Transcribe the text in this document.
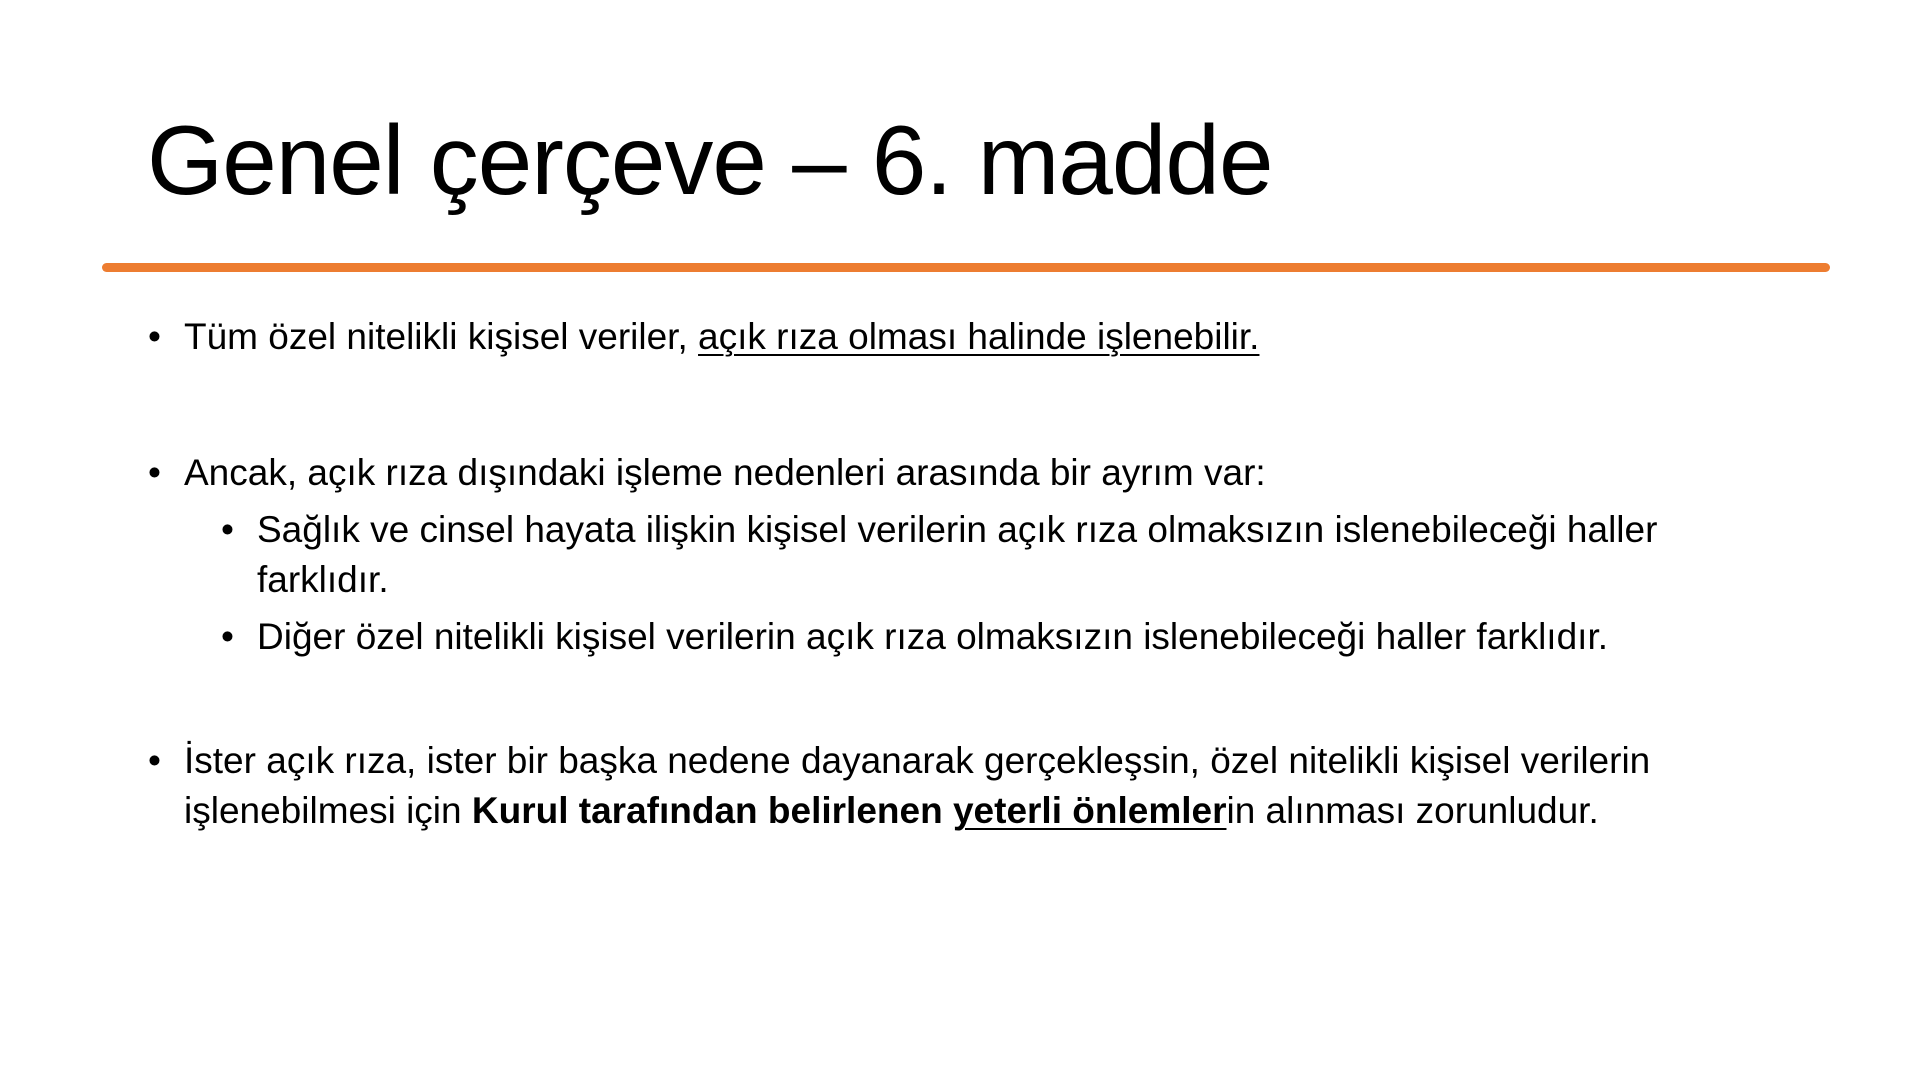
Genel çerçeve – 6. madde
• Tüm özel nitelikli kişisel veriler, açık rıza olması halinde işlenebilir.
• Ancak, açık rıza dışındaki işleme nedenleri arasında bir ayrım var:
• Sağlık ve cinsel hayata ilişkin kişisel verilerin açık rıza olmaksızın islenebileceği haller
farklıdır.
• Diğer özel nitelikli kişisel verilerin açık rıza olmaksızın islenebileceği haller farklıdır.
• İster açık rıza, ister bir başka nedene dayanarak gerçekleşsin, özel nitelikli kişisel verilerin
işlenebilmesi için Kurul tarafından belirlenen yeterli önlemlerin alınması zorunludur.
